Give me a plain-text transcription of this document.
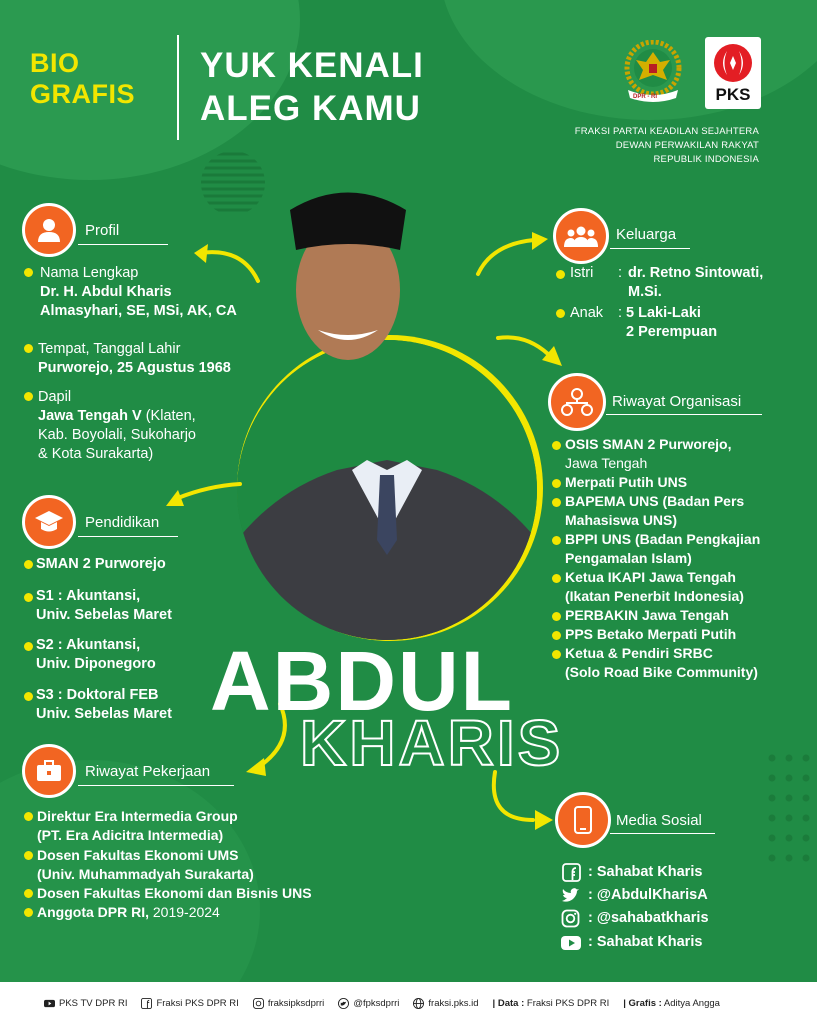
BIO
GRAFIS
YUK KENALI
ALEG KAMU	DPR - RI	PKS
FRAKSI PARTAI KEADILAN SEJAHTERA
DEWAN PERWAKILAN RAKYAT
REPUBLIK INDONESIA
Profil
Nama Lengkap
Dr. H. Abdul Kharis
Almasyhari, SE, MSi, AK, CA
Tempat, Tanggal Lahir
Purworejo, 25 Agustus 1968
Dapil
Jawa Tengah V (Klaten,
Kab. Boyolali, Sukoharjo
& Kota Surakarta)
Pendidikan
SMAN 2 Purworejo
S1 : Akuntansi,
Univ. Sebelas Maret
S2 : Akuntansi,
Univ. Diponegoro
S3 : Doktoral FEB
Univ. Sebelas Maret
Riwayat Pekerjaan
Direktur Era Intermedia Group
(PT. Era Adicitra Intermedia)
Dosen Fakultas Ekonomi UMS
(Univ. Muhammadyah Surakarta)
Dosen Fakultas Ekonomi dan Bisnis UNS
Anggota DPR RI, 2019-2024
Keluarga
Istri : dr. Retno Sintowati,
M.Si.
Anak : 5 Laki-Laki
2 Perempuan
Riwayat Organisasi
OSIS SMAN 2 Purworejo,
Jawa Tengah
Merpati Putih UNS
BAPEMA UNS (Badan Pers
Mahasiswa UNS)
BPPI UNS (Badan Pengkajian
Pengamalan Islam)
Ketua IKAPI Jawa Tengah
(Ikatan Penerbit Indonesia)
PERBAKIN Jawa Tengah
PPS Betako Merpati Putih
Ketua & Pendiri SRBC
(Solo Road Bike Community)
ABDUL
KHARIS
Media Sosial
: Sahabat Kharis
: @AbdulKharisA
: @sahabatkharis
: Sahabat Kharis
PKS TV DPR RI	Fraksi PKS DPR RI	fraksipksdprri	@fpksdprri	fraksi.pks.id | Data : Fraksi PKS DPR RI | Grafis : Aditya Angga
